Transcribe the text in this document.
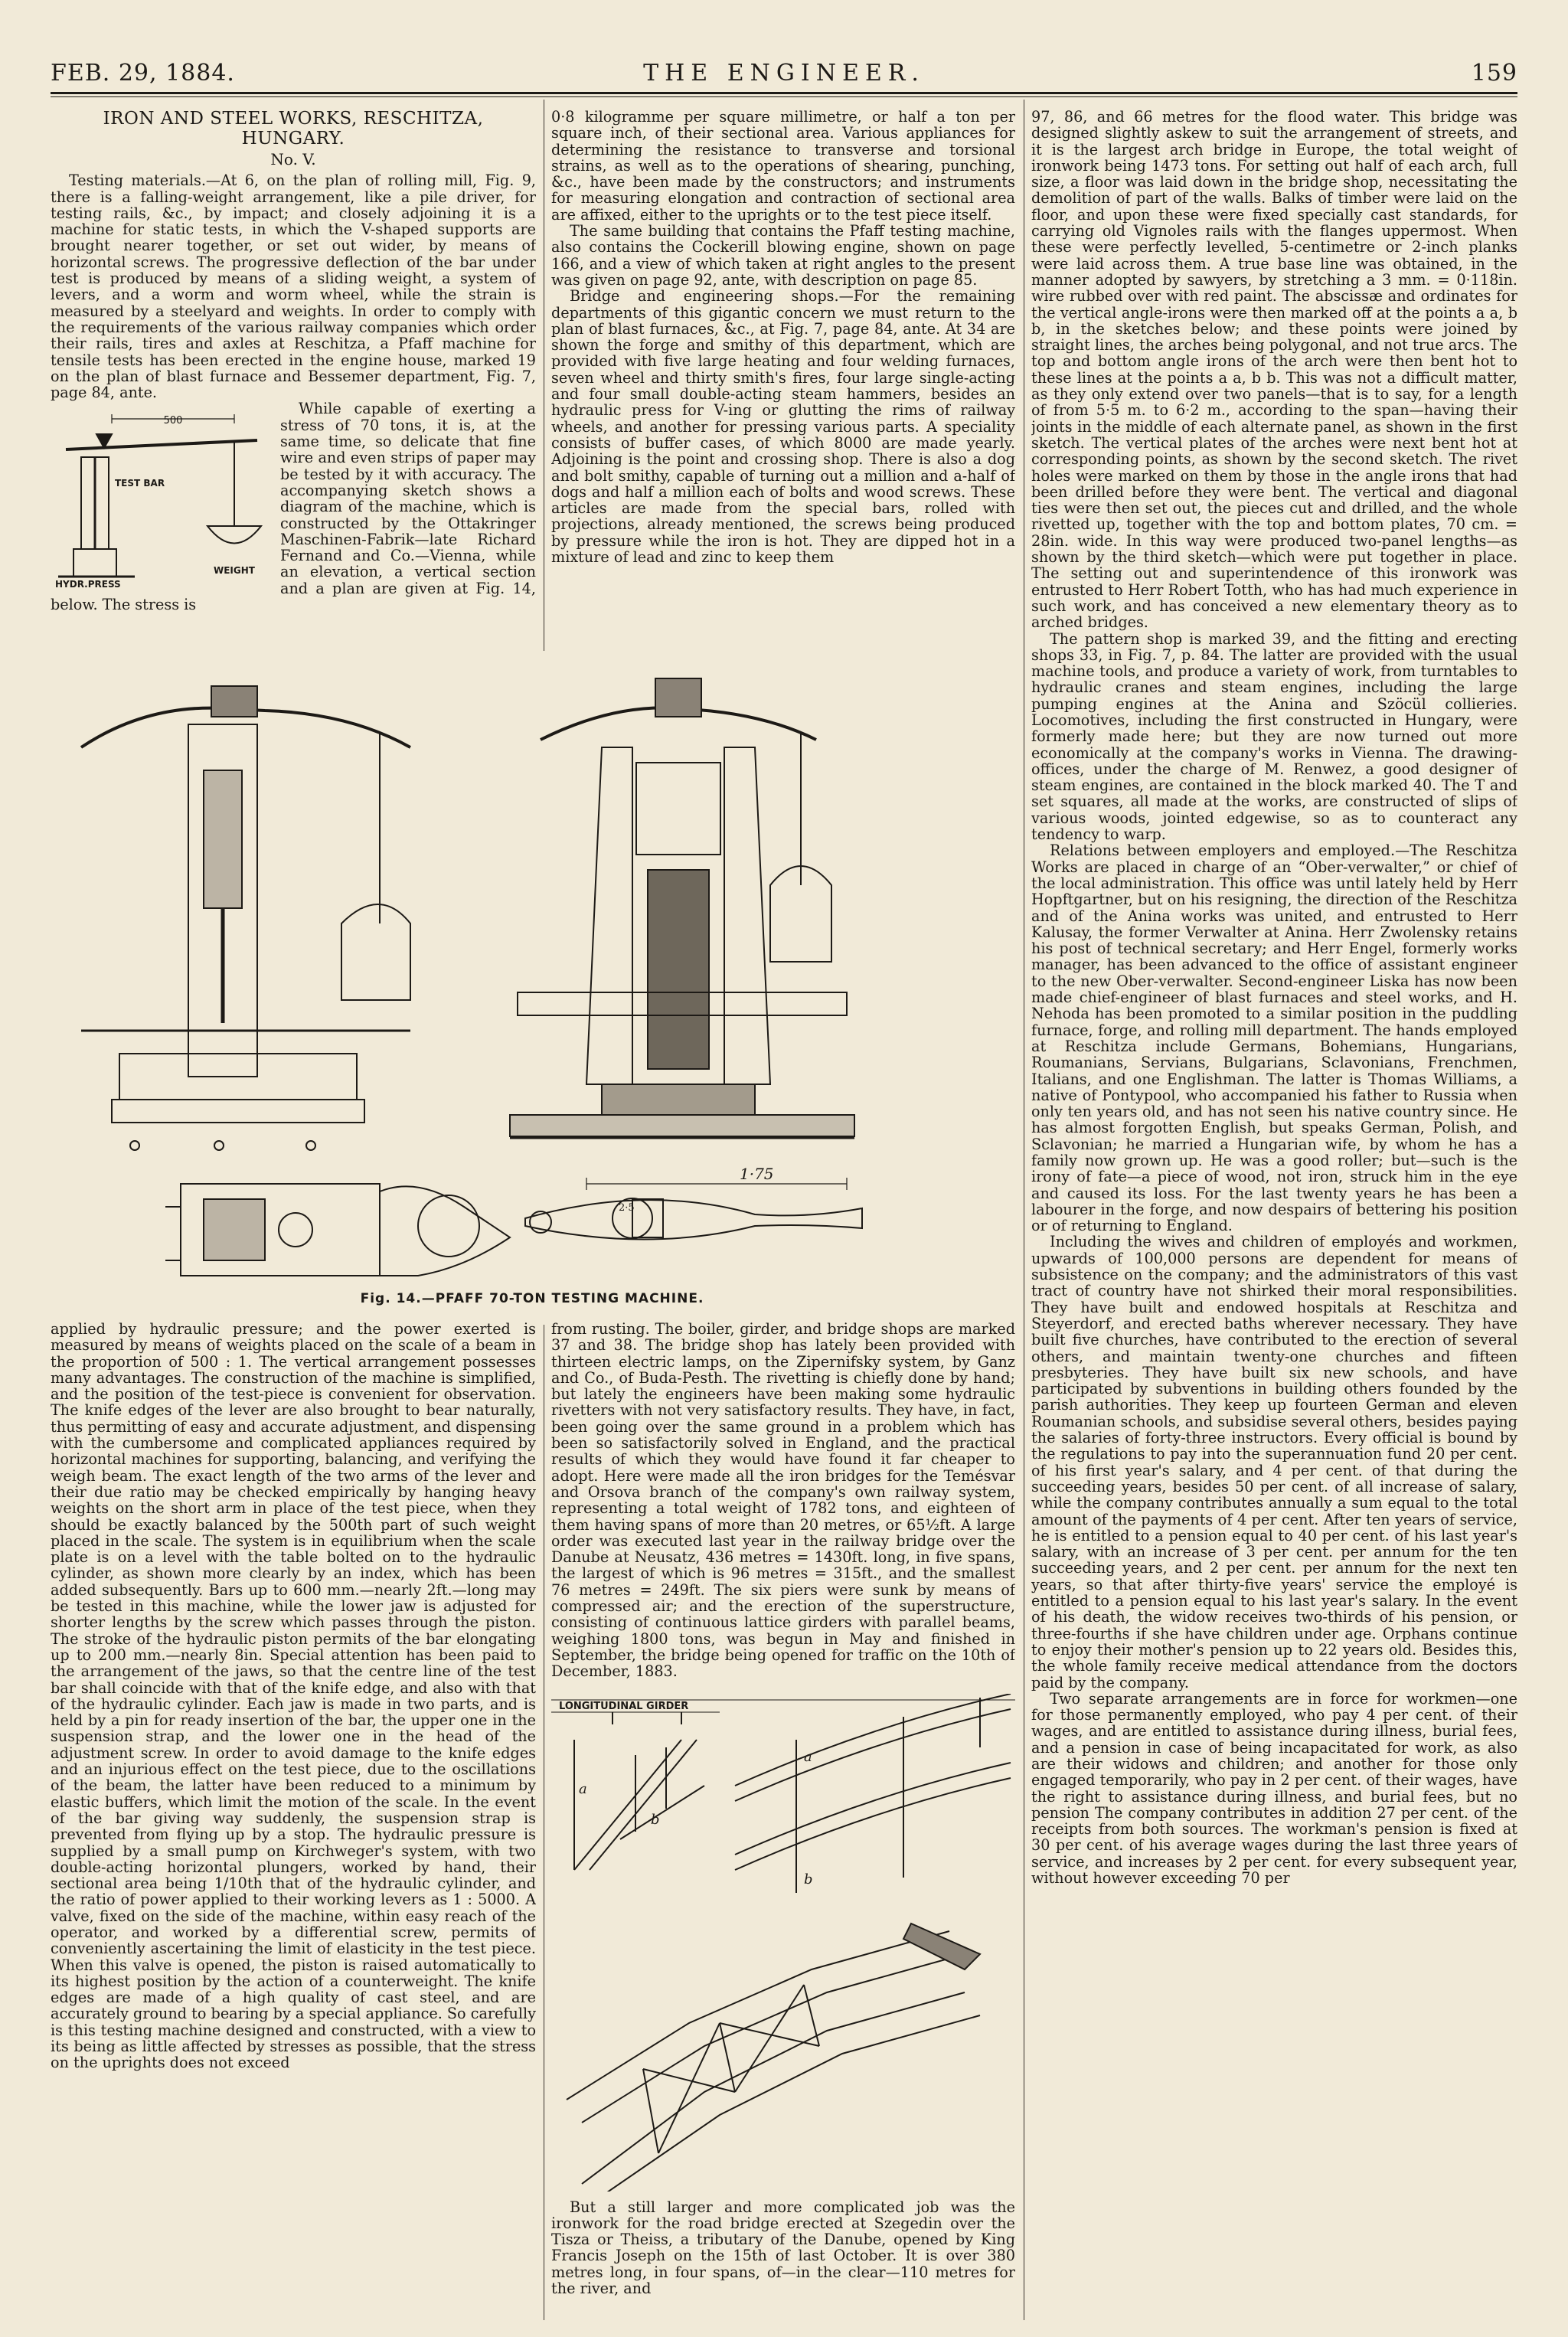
THE ENGINEER.
FEB. 29, 1884.	159
IRON AND STEEL WORKS, RESCHITZA, HUNGARY.
No. V.

Testing materials.—At 6, on the plan of rolling mill, Fig. 9, there is a falling-weight arrangement, like a pile driver, for testing rails, &c., by impact; and closely adjoining it is a machine for static tests, in which the V-shaped supports are brought nearer together, or set out wider, by means of horizontal screws. The progressive deflection of the bar under test is produced by means of a sliding weight, a system of levers, and a worm and worm wheel, while the strain is measured by a steelyard and weights. In order to comply with the requirements of the various railway companies which order their rails, tires and axles at Reschitza, a Pfaff machine for tensile tests has been erected in the engine house, marked 19 on the plan of blast furnace and Bessemer department, Fig. 7, page 84, ante.

500
TEST BAR
WEIGHT
HYDR.PRESS

While capable of exerting a stress of 70 tons, it is, at the same time, so delicate that fine wire and even strips of paper may be tested by it with accuracy. The accompanying sketch shows a diagram of the machine, which is constructed by the Ottakringer Maschinen-Fabrik—late Richard Fernand and Co.—Vienna, while an elevation, a vertical section and a plan are given at Fig. 14, below. The stress is

0·8 kilogramme per square millimetre, or half a ton per square inch, of their sectional area. Various appliances for determining the resistance to transverse and torsional strains, as well as to the operations of shearing, punching, &c., have been made by the constructors; and instruments for measuring elongation and contraction of sectional area are affixed, either to the uprights or to the test piece itself.

The same building that contains the Pfaff testing machine, also contains the Cockerill blowing engine, shown on page 166, and a view of which taken at right angles to the present was given on page 92, ante, with description on page 85.

Bridge and engineering shops.—For the remaining departments of this gigantic concern we must return to the plan of blast furnaces, &c., at Fig. 7, page 84, ante. At 34 are shown the forge and smithy of this department, which are provided with five large heating and four welding furnaces, seven wheel and thirty smith's fires, four large single-acting and four small double-acting steam hammers, besides an hydraulic press for V-ing or glutting the rims of railway wheels, and another for pressing various parts. A speciality consists of buffer cases, of which 8000 are made yearly. Adjoining is the point and crossing shop. There is also a dog and bolt smithy, capable of turning out a million and a-half of dogs and half a million each of bolts and wood screws. These articles are made from the special bars, rolled with projections, already mentioned, the screws being produced by pressure while the iron is hot. They are dipped hot in a mixture of lead and zinc to keep them

97, 86, and 66 metres for the flood water. This bridge was designed slightly askew to suit the arrangement of streets, and it is the largest arch bridge in Europe, the total weight of ironwork being 1473 tons. For setting out half of each arch, full size, a floor was laid down in the bridge shop, necessitating the demolition of part of the walls. Balks of timber were laid on the floor, and upon these were fixed specially cast standards, for carrying old Vignoles rails with the flanges uppermost. When these were perfectly levelled, 5-centimetre or 2-inch planks were laid across them. A true base line was obtained, in the manner adopted by sawyers, by stretching a 3 mm. = 0·118in. wire rubbed over with red paint. The abscissæ and ordinates for the vertical angle-irons were then marked off at the points a a, b b, in the sketches below; and these points were joined by straight lines, the arches being polygonal, and not true arcs. The top and bottom angle irons of the arch were then bent hot to these lines at the points a a, b b. This was not a difficult matter, as they only extend over two panels—that is to say, for a length of from 5·5 m. to 6·2 m., according to the span—having their joints in the middle of each alternate panel, as shown in the first sketch. The vertical plates of the arches were next bent hot at corresponding points, as shown by the second sketch. The rivet holes were marked on them by those in the angle irons that had been drilled before they were bent. The vertical and diagonal ties were then set out, the pieces cut and drilled, and the whole rivetted up, together with the top and bottom plates, 70 cm. = 28in. wide. In this way were produced two-panel lengths—as shown by the third sketch—which were put together in place. The setting out and superintendence of this ironwork was entrusted to Herr Robert Totth, who has had much experience in such work, and has conceived a new elementary theory as to arched bridges.

The pattern shop is marked 39, and the fitting and erecting shops 33, in Fig. 7, p. 84. The latter are provided with the usual machine tools, and produce a variety of work, from turntables to hydraulic cranes and steam engines, including the large pumping engines at the Anina and Szöcül collieries. Locomotives, including the first constructed in Hungary, were formerly made here; but they are now turned out more economically at the company's works in Vienna. The drawing-offices, under the charge of M. Renwez, a good designer of steam engines, are contained in the block marked 40. The T and set squares, all made at the works, are constructed of slips of various woods, jointed edgewise, so as to counteract any tendency to warp.

Relations between employers and employed.—The Reschitza Works are placed in charge of an “Ober-verwalter,” or chief of the local administration. This office was until lately held by Herr Hopftgartner, but on his resigning, the direction of the Reschitza and of the Anina works was united, and entrusted to Herr Kalusay, the former Verwalter at Anina. Herr Zwolensky retains his post of technical secretary; and Herr Engel, formerly works manager, has been advanced to the office of assistant engineer to the new Ober-verwalter. Second-engineer Liska has now been made chief-engineer of blast furnaces and steel works, and H. Nehoda has been promoted to a similar position in the puddling furnace, forge, and rolling mill department. The hands employed at Reschitza include Germans, Bohemians, Hungarians, Roumanians, Servians, Bulgarians, Sclavonians, Frenchmen, Italians, and one Englishman. The latter is Thomas Williams, a native of Pontypool, who accompanied his father to Russia when only ten years old, and has not seen his native country since. He has almost forgotten English, but speaks German, Polish, and Sclavonian; he married a Hungarian wife, by whom he has a family now grown up. He was a good roller; but—such is the irony of fate—a piece of wood, not iron, struck him in the eye and caused its loss. For the last twenty years he has been a labourer in the forge, and now despairs of bettering his position or of returning to England.

Including the wives and children of employés and workmen, upwards of 100,000 persons are dependent for means of subsistence on the company; and the administrators of this vast tract of country have not shirked their moral responsibilities. They have built and endowed hospitals at Reschitza and Steyerdorf, and erected baths wherever necessary. They have built five churches, have contributed to the erection of several others, and maintain twenty-one churches and fifteen presbyteries. They have built six new schools, and have participated by subventions in building others founded by the parish authorities. They keep up fourteen German and eleven Roumanian schools, and subsidise several others, besides paying the salaries of forty-three instructors. Every official is bound by the regulations to pay into the superannuation fund 20 per cent. of his first year's salary, and 4 per cent. of that during the succeeding years, besides 50 per cent. of all increase of salary, while the company contributes annually a sum equal to the total amount of the payments of 4 per cent. After ten years of service, he is entitled to a pension equal to 40 per cent. of his last year's salary, with an increase of 3 per cent. per annum for the ten succeeding years, and 2 per cent. per annum for the next ten years, so that after thirty-five years' service the employé is entitled to a pension equal to his last year's salary. In the event of his death, the widow receives two-thirds of his pension, or three-fourths if she have children under age. Orphans continue to enjoy their mother's pension up to 22 years old. Besides this, the whole family receive medical attendance from the doctors paid by the company.

Two separate arrangements are in force for workmen—one for those permanently employed, who pay 4 per cent. of their wages, and are entitled to assistance during illness, burial fees, and a pension in case of being incapacitated for work, as also are their widows and children; and another for those only engaged temporarily, who pay in 2 per cent. of their wages, have the right to assistance during illness, and burial fees, but no pension The company contributes in addition 27 per cent. of the receipts from both sources. The workman's pension is fixed at 30 per cent. of his average wages during the last three years of service, and increases by 2 per cent. for every subsequent year, without however exceeding 70 per

1·75
2·5
Fig. 14.—PFAFF 70-TON TESTING MACHINE.

applied by hydraulic pressure; and the power exerted is measured by means of weights placed on the scale of a beam in the proportion of 500 : 1. The vertical arrangement possesses many advantages. The construction of the machine is simplified, and the position of the test-piece is convenient for observation. The knife edges of the lever are also brought to bear naturally, thus permitting of easy and accurate adjustment, and dispensing with the cumbersome and complicated appliances required by horizontal machines for supporting, balancing, and verifying the weigh beam. The exact length of the two arms of the lever and their due ratio may be checked empirically by hanging heavy weights on the short arm in place of the test piece, when they should be exactly balanced by the 500th part of such weight placed in the scale. The system is in equilibrium when the scale plate is on a level with the table bolted on to the hydraulic cylinder, as shown more clearly by an index, which has been added subsequently. Bars up to 600 mm.—nearly 2ft.—long may be tested in this machine, while the lower jaw is adjusted for shorter lengths by the screw which passes through the piston. The stroke of the hydraulic piston permits of the bar elongating up to 200 mm.—nearly 8in. Special attention has been paid to the arrangement of the jaws, so that the centre line of the test bar shall coincide with that of the knife edge, and also with that of the hydraulic cylinder. Each jaw is made in two parts, and is held by a pin for ready insertion of the bar, the upper one in the suspension strap, and the lower one in the head of the adjustment screw. In order to avoid damage to the knife edges and an injurious effect on the test piece, due to the oscillations of the beam, the latter have been reduced to a minimum by elastic buffers, which limit the motion of the scale. In the event of the bar giving way suddenly, the suspension strap is prevented from flying up by a stop. The hydraulic pressure is supplied by a small pump on Kirchweger's system, with two double-acting horizontal plungers, worked by hand, their sectional area being 1/10th that of the hydraulic cylinder, and the ratio of power applied to their working levers as 1 : 5000. A valve, fixed on the side of the machine, within easy reach of the operator, and worked by a differential screw, permits of conveniently ascertaining the limit of elasticity in the test piece. When this valve is opened, the piston is raised automatically to its highest position by the action of a counterweight. The knife edges are made of a high quality of cast steel, and are accurately ground to bearing by a special appliance. So carefully is this testing machine designed and constructed, with a view to its being as little affected by stresses as possible, that the stress on the uprights does not exceed

from rusting. The boiler, girder, and bridge shops are marked 37 and 38. The bridge shop has lately been provided with thirteen electric lamps, on the Zipernifsky system, by Ganz and Co., of Buda-Pesth. The rivetting is chiefly done by hand; but lately the engineers have been making some hydraulic rivetters with not very satisfactory results. They have, in fact, been going over the same ground in a problem which has been so satisfactorily solved in England, and the practical results of which they would have found it far cheaper to adopt. Here were made all the iron bridges for the Temésvar and Orsova branch of the company's own railway system, representing a total weight of 1782 tons, and eighteen of them having spans of more than 20 metres, or 65½ft. A large order was executed last year in the railway bridge over the Danube at Neusatz, 436 metres = 1430ft. long, in five spans, the largest of which is 96 metres = 315ft., and the smallest 76 metres = 249ft. The six piers were sunk by means of compressed air; and the erection of the superstructure, consisting of continuous lattice girders with parallel beams, weighing 1800 tons, was begun in May and finished in September, the bridge being opened for traffic on the 10th of December, 1883.

LONGITUDINAL GIRDER
a
b
a
b

But a still larger and more complicated job was the ironwork for the road bridge erected at Szegedin over the Tisza or Theiss, a tributary of the Danube, opened by King Francis Joseph on the 15th of last October. It is over 380 metres long, in four spans, of—in the clear—110 metres for the river, and
